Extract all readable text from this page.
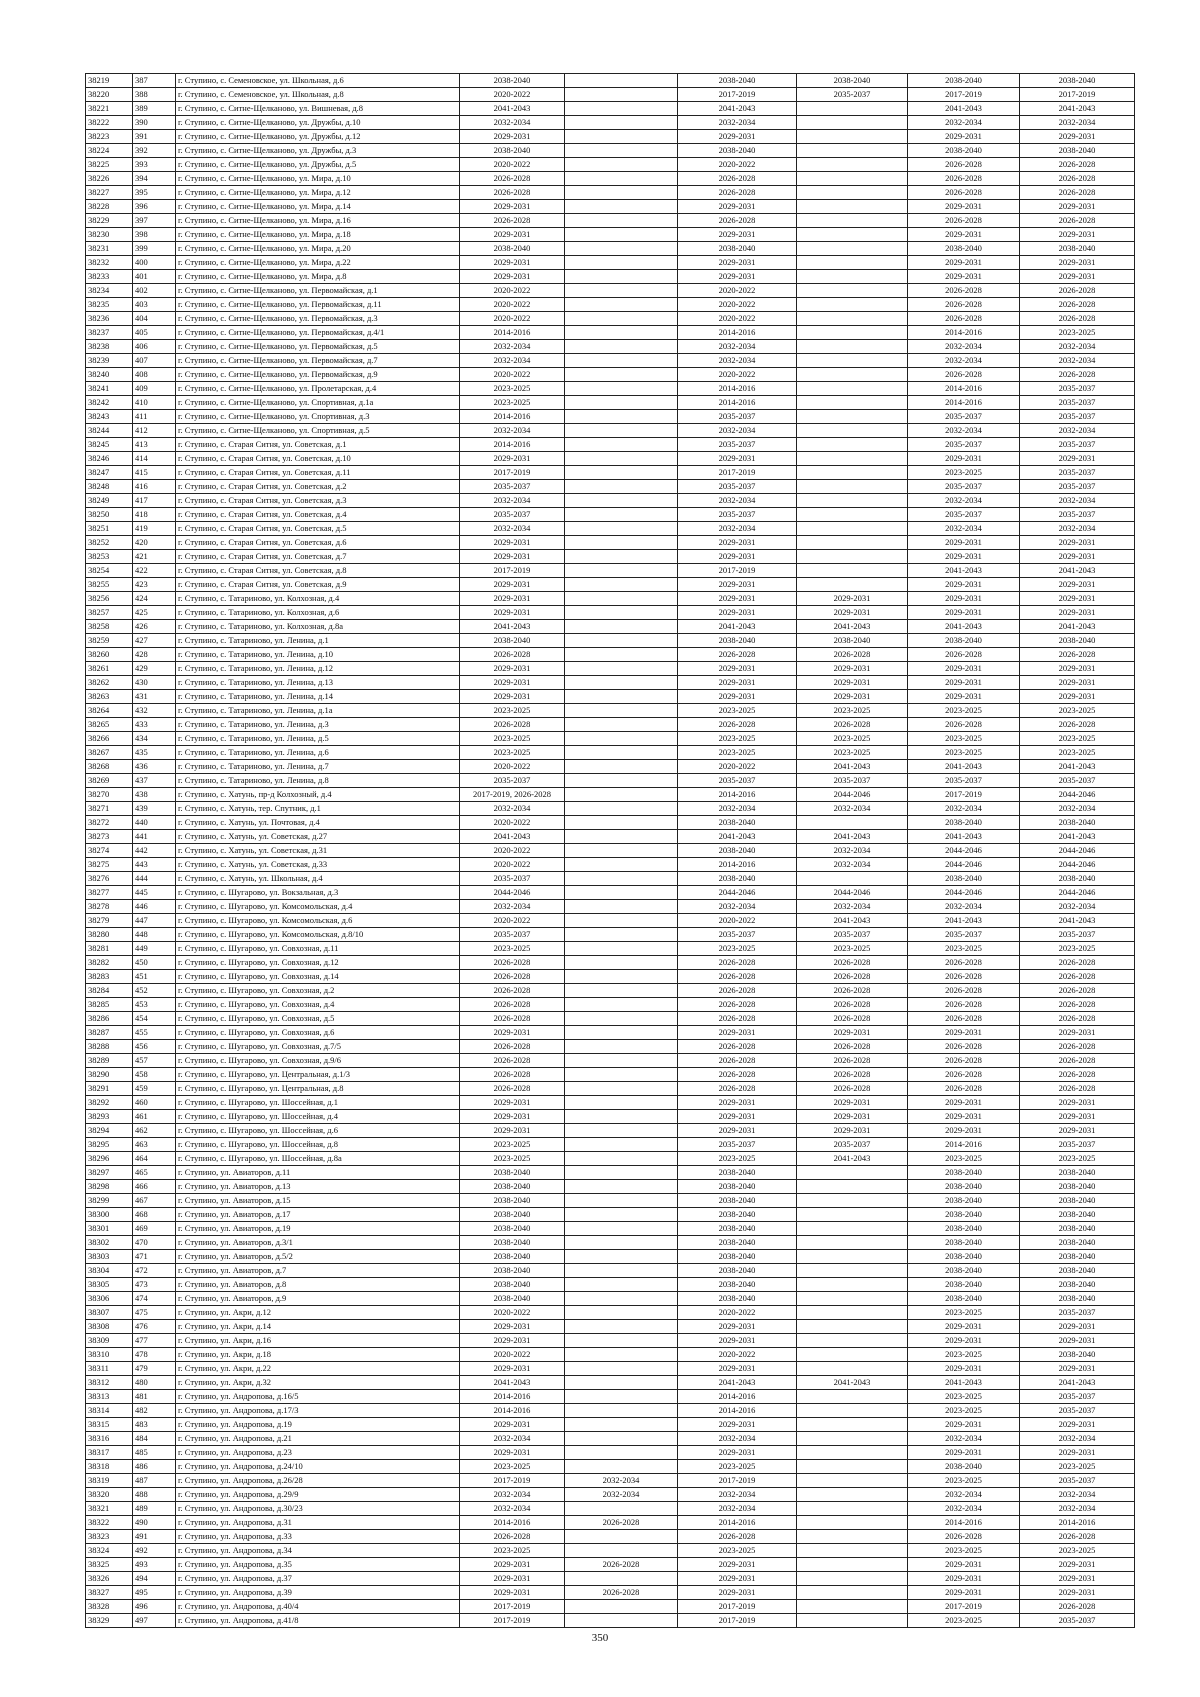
38219	387	г. Ступино, с. Семеновское, ул. Школьная, д.6	2038-2040		2038-2040	2038-2040	2038-2040	2038-2040
38220	388	г. Ступино, с. Семеновское, ул. Школьная, д.8	2020-2022		2017-2019	2035-2037	2017-2019	2017-2019
38221	389	г. Ступино, с. Ситне-Щелканово, ул. Вишневая, д.8	2041-2043		2041-2043		2041-2043	2041-2043
38222	390	г. Ступино, с. Ситне-Щелканово, ул. Дружбы, д.10	2032-2034		2032-2034		2032-2034	2032-2034
38223	391	г. Ступино, с. Ситне-Щелканово, ул. Дружбы, д.12	2029-2031		2029-2031		2029-2031	2029-2031
38224	392	г. Ступино, с. Ситне-Щелканово, ул. Дружбы, д.3	2038-2040		2038-2040		2038-2040	2038-2040
38225	393	г. Ступино, с. Ситне-Щелканово, ул. Дружбы, д.5	2020-2022		2020-2022		2026-2028	2026-2028
38226	394	г. Ступино, с. Ситне-Щелканово, ул. Мира, д.10	2026-2028		2026-2028		2026-2028	2026-2028
38227	395	г. Ступино, с. Ситне-Щелканово, ул. Мира, д.12	2026-2028		2026-2028		2026-2028	2026-2028
38228	396	г. Ступино, с. Ситне-Щелканово, ул. Мира, д.14	2029-2031		2029-2031		2029-2031	2029-2031
38229	397	г. Ступино, с. Ситне-Щелканово, ул. Мира, д.16	2026-2028		2026-2028		2026-2028	2026-2028
38230	398	г. Ступино, с. Ситне-Щелканово, ул. Мира, д.18	2029-2031		2029-2031		2029-2031	2029-2031
38231	399	г. Ступино, с. Ситне-Щелканово, ул. Мира, д.20	2038-2040		2038-2040		2038-2040	2038-2040
38232	400	г. Ступино, с. Ситне-Щелканово, ул. Мира, д.22	2029-2031		2029-2031		2029-2031	2029-2031
38233	401	г. Ступино, с. Ситне-Щелканово, ул. Мира, д.8	2029-2031		2029-2031		2029-2031	2029-2031
38234	402	г. Ступино, с. Ситне-Щелканово, ул. Первомайская, д.1	2020-2022		2020-2022		2026-2028	2026-2028
38235	403	г. Ступино, с. Ситне-Щелканово, ул. Первомайская, д.11	2020-2022		2020-2022		2026-2028	2026-2028
38236	404	г. Ступино, с. Ситне-Щелканово, ул. Первомайская, д.3	2020-2022		2020-2022		2026-2028	2026-2028
38237	405	г. Ступино, с. Ситне-Щелканово, ул. Первомайская, д.4/1	2014-2016		2014-2016		2014-2016	2023-2025
38238	406	г. Ступино, с. Ситне-Щелканово, ул. Первомайская, д.5	2032-2034		2032-2034		2032-2034	2032-2034
38239	407	г. Ступино, с. Ситне-Щелканово, ул. Первомайская, д.7	2032-2034		2032-2034		2032-2034	2032-2034
38240	408	г. Ступино, с. Ситне-Щелканово, ул. Первомайская, д.9	2020-2022		2020-2022		2026-2028	2026-2028
38241	409	г. Ступино, с. Ситне-Щелканово, ул. Пролетарская, д.4	2023-2025		2014-2016		2014-2016	2035-2037
38242	410	г. Ступино, с. Ситне-Щелканово, ул. Спортивная, д.1а	2023-2025		2014-2016		2014-2016	2035-2037
38243	411	г. Ступино, с. Ситне-Щелканово, ул. Спортивная, д.3	2014-2016		2035-2037		2035-2037	2035-2037
38244	412	г. Ступино, с. Ситне-Щелканово, ул. Спортивная, д.5	2032-2034		2032-2034		2032-2034	2032-2034
38245	413	г. Ступино, с. Старая Ситня, ул. Советская, д.1	2014-2016		2035-2037		2035-2037	2035-2037
38246	414	г. Ступино, с. Старая Ситня, ул. Советская, д.10	2029-2031		2029-2031		2029-2031	2029-2031
38247	415	г. Ступино, с. Старая Ситня, ул. Советская, д.11	2017-2019		2017-2019		2023-2025	2035-2037
38248	416	г. Ступино, с. Старая Ситня, ул. Советская, д.2	2035-2037		2035-2037		2035-2037	2035-2037
38249	417	г. Ступино, с. Старая Ситня, ул. Советская, д.3	2032-2034		2032-2034		2032-2034	2032-2034
38250	418	г. Ступино, с. Старая Ситня, ул. Советская, д.4	2035-2037		2035-2037		2035-2037	2035-2037
38251	419	г. Ступино, с. Старая Ситня, ул. Советская, д.5	2032-2034		2032-2034		2032-2034	2032-2034
38252	420	г. Ступино, с. Старая Ситня, ул. Советская, д.6	2029-2031		2029-2031		2029-2031	2029-2031
38253	421	г. Ступино, с. Старая Ситня, ул. Советская, д.7	2029-2031		2029-2031		2029-2031	2029-2031
38254	422	г. Ступино, с. Старая Ситня, ул. Советская, д.8	2017-2019		2017-2019		2041-2043	2041-2043
38255	423	г. Ступино, с. Старая Ситня, ул. Советская, д.9	2029-2031		2029-2031		2029-2031	2029-2031
38256	424	г. Ступино, с. Татариново, ул. Колхозная, д.4	2029-2031		2029-2031	2029-2031	2029-2031	2029-2031
38257	425	г. Ступино, с. Татариново, ул. Колхозная, д.6	2029-2031		2029-2031	2029-2031	2029-2031	2029-2031
38258	426	г. Ступино, с. Татариново, ул. Колхозная, д.8а	2041-2043		2041-2043	2041-2043	2041-2043	2041-2043
38259	427	г. Ступино, с. Татариново, ул. Ленина, д.1	2038-2040		2038-2040	2038-2040	2038-2040	2038-2040
38260	428	г. Ступино, с. Татариново, ул. Ленина, д.10	2026-2028		2026-2028	2026-2028	2026-2028	2026-2028
38261	429	г. Ступино, с. Татариново, ул. Ленина, д.12	2029-2031		2029-2031	2029-2031	2029-2031	2029-2031
38262	430	г. Ступино, с. Татариново, ул. Ленина, д.13	2029-2031		2029-2031	2029-2031	2029-2031	2029-2031
38263	431	г. Ступино, с. Татариново, ул. Ленина, д.14	2029-2031		2029-2031	2029-2031	2029-2031	2029-2031
38264	432	г. Ступино, с. Татариново, ул. Ленина, д.1а	2023-2025		2023-2025	2023-2025	2023-2025	2023-2025
38265	433	г. Ступино, с. Татариново, ул. Ленина, д.3	2026-2028		2026-2028	2026-2028	2026-2028	2026-2028
38266	434	г. Ступино, с. Татариново, ул. Ленина, д.5	2023-2025		2023-2025	2023-2025	2023-2025	2023-2025
38267	435	г. Ступино, с. Татариново, ул. Ленина, д.6	2023-2025		2023-2025	2023-2025	2023-2025	2023-2025
38268	436	г. Ступино, с. Татариново, ул. Ленина, д.7	2020-2022		2020-2022	2041-2043	2041-2043	2041-2043
38269	437	г. Ступино, с. Татариново, ул. Ленина, д.8	2035-2037		2035-2037	2035-2037	2035-2037	2035-2037
38270	438	г. Ступино, с. Хатунь, пр-д Колхозный, д.4	2017-2019, 2026-2028		2014-2016	2044-2046	2017-2019	2044-2046
38271	439	г. Ступино, с. Хатунь, тер. Спутник, д.1	2032-2034		2032-2034	2032-2034	2032-2034	2032-2034
38272	440	г. Ступино, с. Хатунь, ул. Почтовая, д.4	2020-2022		2038-2040		2038-2040	2038-2040
38273	441	г. Ступино, с. Хатунь, ул. Советская, д.27	2041-2043		2041-2043	2041-2043	2041-2043	2041-2043
38274	442	г. Ступино, с. Хатунь, ул. Советская, д.31	2020-2022		2038-2040	2032-2034	2044-2046	2044-2046
38275	443	г. Ступино, с. Хатунь, ул. Советская, д.33	2020-2022		2014-2016	2032-2034	2044-2046	2044-2046
38276	444	г. Ступино, с. Хатунь, ул. Школьная, д.4	2035-2037		2038-2040		2038-2040	2038-2040
38277	445	г. Ступино, с. Шугарово, ул. Вокзальная, д.3	2044-2046		2044-2046	2044-2046	2044-2046	2044-2046
38278	446	г. Ступино, с. Шугарово, ул. Комсомольская, д.4	2032-2034		2032-2034	2032-2034	2032-2034	2032-2034
38279	447	г. Ступино, с. Шугарово, ул. Комсомольская, д.6	2020-2022		2020-2022	2041-2043	2041-2043	2041-2043
38280	448	г. Ступино, с. Шугарово, ул. Комсомольская, д.8/10	2035-2037		2035-2037	2035-2037	2035-2037	2035-2037
38281	449	г. Ступино, с. Шугарово, ул. Совхозная, д.11	2023-2025		2023-2025	2023-2025	2023-2025	2023-2025
38282	450	г. Ступино, с. Шугарово, ул. Совхозная, д.12	2026-2028		2026-2028	2026-2028	2026-2028	2026-2028
38283	451	г. Ступино, с. Шугарово, ул. Совхозная, д.14	2026-2028		2026-2028	2026-2028	2026-2028	2026-2028
38284	452	г. Ступино, с. Шугарово, ул. Совхозная, д.2	2026-2028		2026-2028	2026-2028	2026-2028	2026-2028
38285	453	г. Ступино, с. Шугарово, ул. Совхозная, д.4	2026-2028		2026-2028	2026-2028	2026-2028	2026-2028
38286	454	г. Ступино, с. Шугарово, ул. Совхозная, д.5	2026-2028		2026-2028	2026-2028	2026-2028	2026-2028
38287	455	г. Ступино, с. Шугарово, ул. Совхозная, д.6	2029-2031		2029-2031	2029-2031	2029-2031	2029-2031
38288	456	г. Ступино, с. Шугарово, ул. Совхозная, д.7/5	2026-2028		2026-2028	2026-2028	2026-2028	2026-2028
38289	457	г. Ступино, с. Шугарово, ул. Совхозная, д.9/6	2026-2028		2026-2028	2026-2028	2026-2028	2026-2028
38290	458	г. Ступино, с. Шугарово, ул. Центральная, д.1/3	2026-2028		2026-2028	2026-2028	2026-2028	2026-2028
38291	459	г. Ступино, с. Шугарово, ул. Центральная, д.8	2026-2028		2026-2028	2026-2028	2026-2028	2026-2028
38292	460	г. Ступино, с. Шугарово, ул. Шоссейная, д.1	2029-2031		2029-2031	2029-2031	2029-2031	2029-2031
38293	461	г. Ступино, с. Шугарово, ул. Шоссейная, д.4	2029-2031		2029-2031	2029-2031	2029-2031	2029-2031
38294	462	г. Ступино, с. Шугарово, ул. Шоссейная, д.6	2029-2031		2029-2031	2029-2031	2029-2031	2029-2031
38295	463	г. Ступино, с. Шугарово, ул. Шоссейная, д.8	2023-2025		2035-2037	2035-2037	2014-2016	2035-2037
38296	464	г. Ступино, с. Шугарово, ул. Шоссейная, д.8а	2023-2025		2023-2025	2041-2043	2023-2025	2023-2025
38297	465	г. Ступино, ул. Авиаторов, д.11	2038-2040		2038-2040		2038-2040	2038-2040
38298	466	г. Ступино, ул. Авиаторов, д.13	2038-2040		2038-2040		2038-2040	2038-2040
38299	467	г. Ступино, ул. Авиаторов, д.15	2038-2040		2038-2040		2038-2040	2038-2040
38300	468	г. Ступино, ул. Авиаторов, д.17	2038-2040		2038-2040		2038-2040	2038-2040
38301	469	г. Ступино, ул. Авиаторов, д.19	2038-2040		2038-2040		2038-2040	2038-2040
38302	470	г. Ступино, ул. Авиаторов, д.3/1	2038-2040		2038-2040		2038-2040	2038-2040
38303	471	г. Ступино, ул. Авиаторов, д.5/2	2038-2040		2038-2040		2038-2040	2038-2040
38304	472	г. Ступино, ул. Авиаторов, д.7	2038-2040		2038-2040		2038-2040	2038-2040
38305	473	г. Ступино, ул. Авиаторов, д.8	2038-2040		2038-2040		2038-2040	2038-2040
38306	474	г. Ступино, ул. Авиаторов, д.9	2038-2040		2038-2040		2038-2040	2038-2040
38307	475	г. Ступино, ул. Акри, д.12	2020-2022		2020-2022		2023-2025	2035-2037
38308	476	г. Ступино, ул. Акри, д.14	2029-2031		2029-2031		2029-2031	2029-2031
38309	477	г. Ступино, ул. Акри, д.16	2029-2031		2029-2031		2029-2031	2029-2031
38310	478	г. Ступино, ул. Акри, д.18	2020-2022		2020-2022		2023-2025	2038-2040
38311	479	г. Ступино, ул. Акри, д.22	2029-2031		2029-2031		2029-2031	2029-2031
38312	480	г. Ступино, ул. Акри, д.32	2041-2043		2041-2043	2041-2043	2041-2043	2041-2043
38313	481	г. Ступино, ул. Андропова, д.16/5	2014-2016		2014-2016		2023-2025	2035-2037
38314	482	г. Ступино, ул. Андропова, д.17/3	2014-2016		2014-2016		2023-2025	2035-2037
38315	483	г. Ступино, ул. Андропова, д.19	2029-2031		2029-2031		2029-2031	2029-2031
38316	484	г. Ступино, ул. Андропова, д.21	2032-2034		2032-2034		2032-2034	2032-2034
38317	485	г. Ступино, ул. Андропова, д.23	2029-2031		2029-2031		2029-2031	2029-2031
38318	486	г. Ступино, ул. Андропова, д.24/10	2023-2025		2023-2025		2038-2040	2023-2025
38319	487	г. Ступино, ул. Андропова, д.26/28	2017-2019	2032-2034	2017-2019		2023-2025	2035-2037
38320	488	г. Ступино, ул. Андропова, д.29/9	2032-2034	2032-2034	2032-2034		2032-2034	2032-2034
38321	489	г. Ступино, ул. Андропова, д.30/23	2032-2034		2032-2034		2032-2034	2032-2034
38322	490	г. Ступино, ул. Андропова, д.31	2014-2016	2026-2028	2014-2016		2014-2016	2014-2016
38323	491	г. Ступино, ул. Андропова, д.33	2026-2028		2026-2028		2026-2028	2026-2028
38324	492	г. Ступино, ул. Андропова, д.34	2023-2025		2023-2025		2023-2025	2023-2025
38325	493	г. Ступино, ул. Андропова, д.35	2029-2031	2026-2028	2029-2031		2029-2031	2029-2031
38326	494	г. Ступино, ул. Андропова, д.37	2029-2031		2029-2031		2029-2031	2029-2031
38327	495	г. Ступино, ул. Андропова, д.39	2029-2031	2026-2028	2029-2031		2029-2031	2029-2031
38328	496	г. Ступино, ул. Андропова, д.40/4	2017-2019		2017-2019		2017-2019	2026-2028
38329	497	г. Ступино, ул. Андропова, д.41/8	2017-2019		2017-2019		2023-2025	2035-2037
350
